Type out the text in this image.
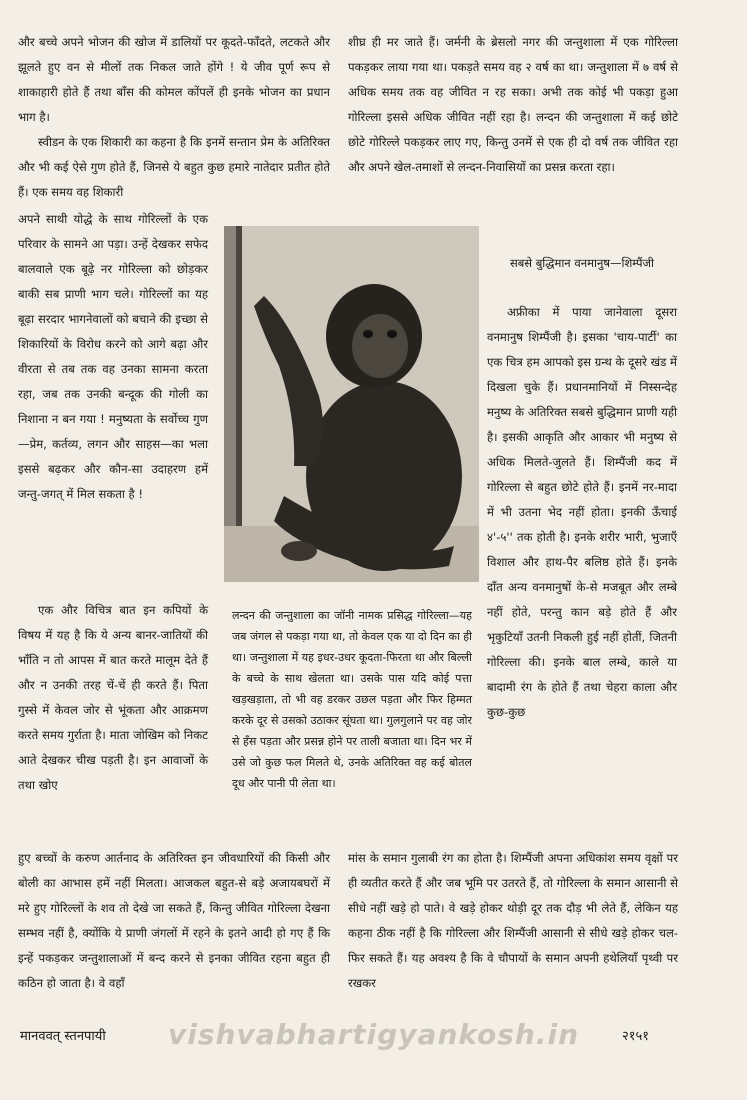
और बच्चे अपने भोजन की खोज में डालियों पर कूदते-फाँदते, लटकते और झूलते हुए वन से मीलों तक निकल जाते होंगे ! ये जीव पूर्ण रूप से शाकाहारी होते हैं तथा बाँस की कोमल कोंपलें ही इनके भोजन का प्रधान भाग है।

स्वीडन के एक शिकारी का कहना है कि इनमें सन्तान प्रेम के अतिरिक्त और भी कई ऐसे गुण होते हैं, जिनसे ये बहुत कुछ हमारे नातेदार प्रतीत होते हैं। एक समय वह शिकारी

अपने साथी योद्धे के साथ गोरिल्लों के एक परिवार के सामने आ पड़ा। उन्हें देखकर सफेद बालवाले एक बूढ़े नर गोरिल्ला को छोड़कर बाकी सब प्राणी भाग चले। गोरिल्लों का यह बूढ़ा सरदार भागनेवालों को बचाने की इच्छा से शिकारियों के विरोध करने को आगे बढ़ा और वीरता से तब तक वह उनका सामना करता रहा, जब तक उनकी बन्दूक की गोली का निशाना न बन गया ! मनुष्यता के सर्वोच्च गुण—प्रेम, कर्तव्य, लगन और साहस—का भला इससे बढ़कर और कौन-सा उदाहरण हमें जन्तु-जगत् में मिल सकता है !

शीघ्र ही मर जाते हैं। जर्मनी के ब्रेसलो नगर की जन्तुशाला में एक गोरिल्ला पकड़कर लाया गया था। पकड़ते समय वह २ वर्ष का था। जन्तुशाला में ७ वर्ष से अधिक समय तक वह जीवित न रह सका। अभी तक कोई भी पकड़ा हुआ गोरिल्ला इससे अधिक जीवित नहीं रहा है। लन्दन की जन्तुशाला में कई छोटे छोटे गोरिल्ले पकड़कर लाए गए, किन्तु उनमें से एक ही दो वर्ष तक जीवित रहा और अपने खेल-तमाशों से लन्दन-निवासियों का प्रसन्न करता रहा।

सबसे बुद्धिमान वनमानुष—शिम्पैंजी

अफ्रीका में पाया जानेवाला दूसरा वनमानुष शिम्पैंजी है। इसका 'चाय-पार्टी' का एक चित्र हम आपको इस ग्रन्थ के दूसरे खंड में दिखला चुके हैं। प्रधानमानियों में निस्सन्देह मनुष्य के अतिरिक्त सबसे बुद्धिमान प्राणी यही है। इसकी आकृति और आकार भी मनुष्य से अधिक मिलते-जुलते हैं। शिम्पैंजी कद में गोरिल्ला से बहुत छोटे होते हैं। इनमें नर-मादा में भी उतना भेद नहीं होता। इनकी ऊँचाई ४'-५'' तक होती है। इनके शरीर भारी, भुजाएँ विशाल और हाथ-पैर बलिष्ठ होते हैं। इनके दाँत अन्य वनमानुषों के-से मजबूत और लम्बे नहीं होते, परन्तु कान बड़े होते हैं और भृकुटियाँ उतनी निकली हुई नहीं होतीं, जितनी गोरिल्ला की। इनके बाल लम्बे, काले या बादामी रंग के होते हैं तथा चेहरा काला और कुछ-कुछ

एक और विचित्र बात इन कपियों के विषय में यह है कि ये अन्य बानर-जातियों की भाँति न तो आपस में बात करते मालूम देते हैं और न उनकी तरह चें-चें ही करते हैं। पिता गुस्से में केवल जोर से भूंकता और आक्रमण करते समय गुर्राता है। माता जोखिम को निकट आते देखकर चीख पड़ती है। इन आवाजों के तथा खोए

लन्दन की जन्तुशाला का जॉनी नामक प्रसिद्ध गोरिल्ला—यह जब जंगल से पकड़ा गया था, तो केवल एक या दो दिन का ही था। जन्तुशाला में यह इधर-उधर कूदता-फिरता था और बिल्ली के बच्चे के साथ खेलता था। उसके पास यदि कोई पत्ता खड़खड़ाता, तो भी वह डरकर उछल पड़ता और फिर हिम्मत करके दूर से उसको उठाकर सूंघता था। गुलगुलाने पर वह जोर से हँस पड़ता और प्रसन्न होने पर ताली बजाता था। दिन भर में उसे जो कुछ फल मिलते थे, उनके अतिरिक्त वह कई बोतल दूध और पानी पी लेता था।

हुए बच्चों के करुण आर्तनाद के अतिरिक्त इन जीवधारियों की किसी और बोली का आभास हमें नहीं मिलता। आजकल बहुत-से बड़े अजायबघरों में मरे हुए गोरिल्लों के शव तो देखे जा सकते हैं, किन्तु जीवित गोरिल्ला देखना सम्भव नहीं है, क्योंकि ये प्राणी जंगलों में रहने के इतने आदी हो गए हैं कि इन्हें पकड़कर जन्तुशालाओं में बन्द करने से इनका जीवित रहना बहुत ही कठिन हो जाता है। वे वहाँ

मांस के समान गुलाबी रंग का होता है। शिम्पैंजी अपना अधिकांश समय वृक्षों पर ही व्यतीत करते हैं और जब भूमि पर उतरते हैं, तो गोरिल्ला के समान आसानी से सीधे नहीं खड़े हो पाते। वे खड़े होकर थोड़ी दूर तक दौड़ भी लेते हैं, लेकिन यह कहना ठीक नहीं है कि गोरिल्ला और शिम्पैंजी आसानी से सीधे खड़े होकर चल-फिर सकते हैं। यह अवश्य है कि वे चौपायों के समान अपनी हथेलियाँ पृथ्वी पर रखकर

मानववत् स्तनपायी vishvabhartigyankosh.in	२१५१
